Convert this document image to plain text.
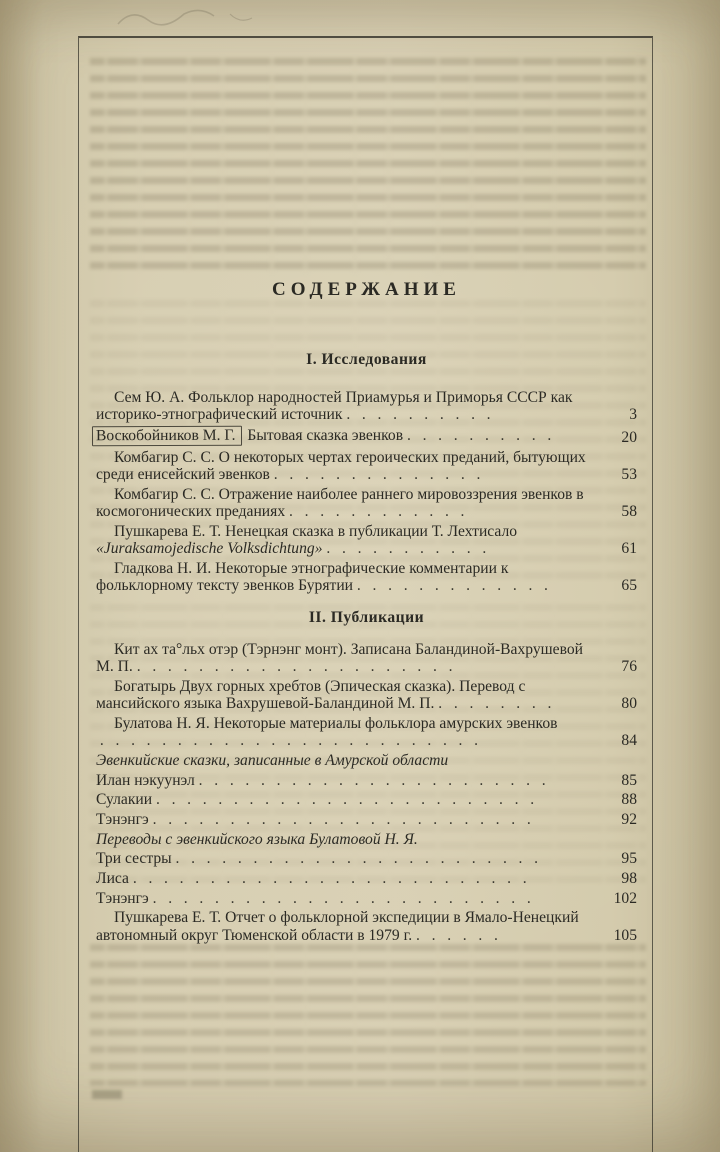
СОДЕРЖАНИЕ
I. Исследования
Сем Ю. А. Фольклор народностей Приамурья и Приморья СССР как историко-этнографический источник .   .   .   .   .   .   .   .   .   .	3
Воскобойников М. Г. Бытовая сказка эвенков .   .   .   .   .   .   .   .   .   .	20
Комбагир С. С. О некоторых чертах героических преданий, бытующих среди енисейский эвенков .   .   .   .   .   .   .   .   .   .   .   .   .   .	53
Комбагир С. С. Отражение наиболее раннего мировоззрения эвенков в космогонических преданиях .   .   .   .   .   .   .   .   .   .   .   .	58
Пушкарева Е. Т. Ненецкая сказка в публикации Т. Лехтисало «Juraksamojedische Volksdichtung» .   .   .   .   .   .   .   .   .   .   .	61
Гладкова Н. И. Некоторые этнографические комментарии к фольклорному тексту эвенков Бурятии .   .   .   .   .   .   .   .   .   .   .   .   .	65
II. Публикации
Кит ах та°льх отэр (Тэрнэнг монт). Записана Баландиной-Вахрушевой М. П. .   .   .   .   .   .   .   .   .   .   .   .   .   .   .   .   .   .   .   .   .	76
Богатырь Двух горных хребтов (Эпическая сказка). Перевод с мансийского языка Вахрушевой-Баландиной М. П. .   .   .   .   .   .   .   .	80
Булатова Н. Я. Некоторые материалы фольклора амурских эвенков .   .   .   .   .   .   .   .   .   .   .   .   .   .   .   .   .   .   .   .   .   .   .   .   .	84
Эвенкийские сказки, записанные в Амурской области
Илан нэкуунэл .   .   .   .   .   .   .   .   .   .   .   .   .   .   .   .   .   .   .   .   .   .   .	85
Сулакии .   .   .   .   .   .   .   .   .   .   .   .   .   .   .   .   .   .   .   .   .   .   .   .   .	88
Тэнэнгэ .   .   .   .   .   .   .   .   .   .   .   .   .   .   .   .   .   .   .   .   .   .   .   .   .	92
Переводы с эвенкийского языка Булатовой Н. Я.
Три сестры .   .   .   .   .   .   .   .   .   .   .   .   .   .   .   .   .   .   .   .   .   .   .   .	95
Лиса .   .   .   .   .   .   .   .   .   .   .   .   .   .   .   .   .   .   .   .   .   .   .   .   .   .	98
Тэнэнгэ .   .   .   .   .   .   .   .   .   .   .   .   .   .   .   .   .   .   .   .   .   .   .   .   .	102
Пушкарева Е. Т. Отчет о фольклорной экспедиции в Ямало-Ненецкий автономный округ Тюменской области в 1979 г. .   .   .   .   .   .	105
